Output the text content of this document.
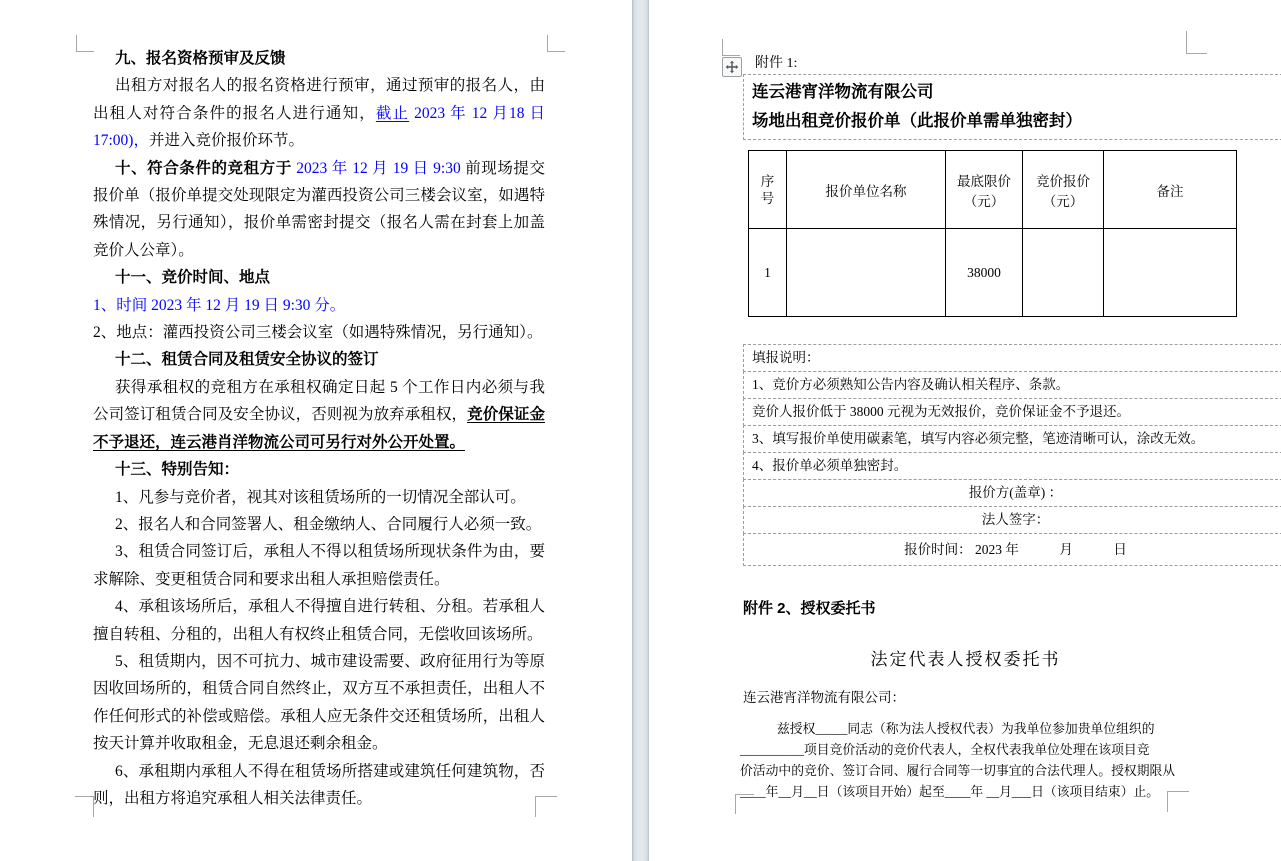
九、报名资格预审及反馈

出租方对报名人的报名资格进行预审，通过预审的报名人，由出租人对符合条件的报名人进行通知，截止 2023 年 12 月18 日 17:00)，并进入竞价报价环节。

十、符合条件的竞租方于 2023 年 12 月 19 日 9:30 前现场提交报价单（报价单提交处现限定为灌西投资公司三楼会议室，如遇特殊情况，另行通知），报价单需密封提交（报名人需在封套上加盖竞价人公章）。

十一、竞价时间、地点

1、时间 2023 年 12 月 19 日 9:30 分。

2、地点：灌西投资公司三楼会议室（如遇特殊情况，另行通知）。

十二、租赁合同及租赁安全协议的签订

获得承租权的竞租方在承租权确定日起 5 个工作日内必须与我公司签订租赁合同及安全协议，否则视为放弃承租权，竞价保证金不予退还，连云港肖洋物流公司可另行对外公开处置。

十三、特别告知：

1、凡参与竞价者，视其对该租赁场所的一切情况全部认可。

2、报名人和合同签署人、租金缴纳人、合同履行人必须一致。

3、租赁合同签订后，承租人不得以租赁场所现状条件为由，要求解除、变更租赁合同和要求出租人承担赔偿责任。

4、承租该场所后，承租人不得擅自进行转租、分租。若承租人擅自转租、分租的，出租人有权终止租赁合同，无偿收回该场所。

5、租赁期内，因不可抗力、城市建设需要、政府征用行为等原因收回场所的，租赁合同自然终止，双方互不承担责任，出租人不作任何形式的补偿或赔偿。承租人应无条件交还租赁场所，出租人按天计算并收取租金，无息退还剩余租金。

6、承租期内承租人不得在租赁场所搭建或建筑任何建筑物，否则，出租方将追究承租人相关法律责任。

附件 1:
连云港宵洋物流有限公司
场地出租竞价报价单（此报价单需单独密封）
序号	报价单位名称	最底限价（元）	竞价报价（元）	备注
1		38000		
填报说明：
1、竞价方必须熟知公告内容及确认相关程序、条款。
竞价人报价低于 38000 元视为无效报价，竞价保证金不予退还。
3、填写报价单使用碳素笔，填写内容必须完整，笔迹清晰可认，涂改无效。
4、报价单必须单独密封。
报价方(盖章) ：
法人签字：
报价时间： 2023 年　　　月　　　日
附件 2、授权委托书
法定代表人授权委托书
连云港宵洋物流有限公司：
兹授权_____同志（称为法人授权代表）为我单位参加贵单位组织的
__________项目竞价活动的竞价代表人，全权代表我单位处理在该项目竞
价活动中的竞价、签订合同、履行合同等一切事宜的合法代理人。授权期限从
____年__月__日（该项目开始）起至____年 __月___日（该项目结束）止。
